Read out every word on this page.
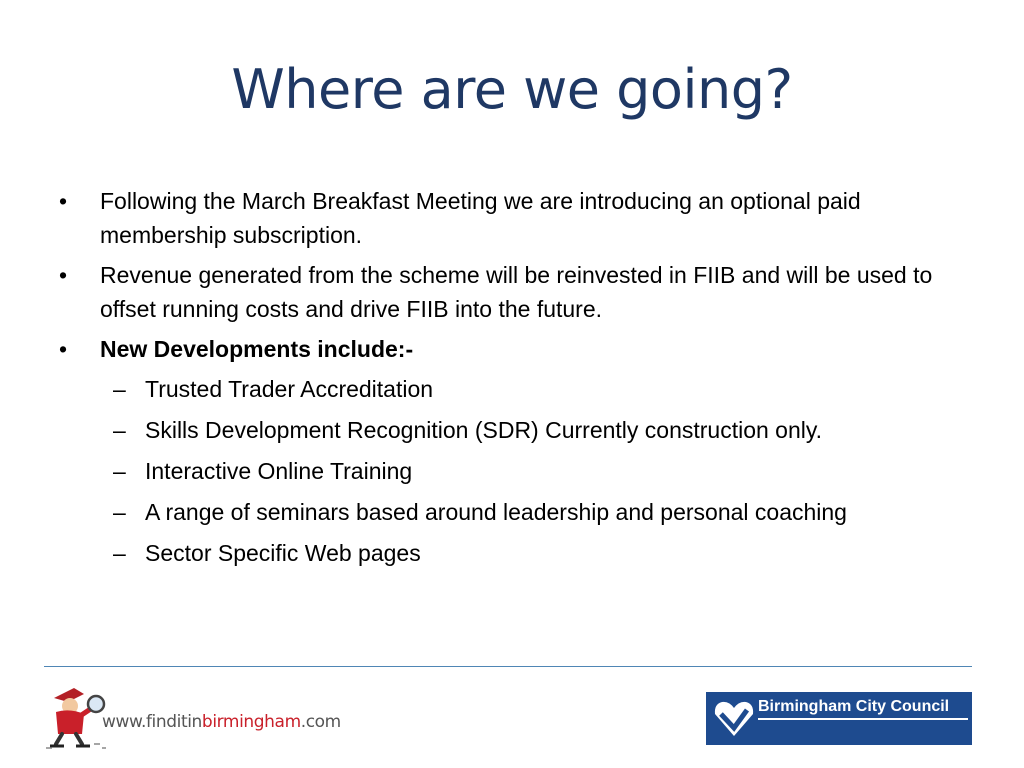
Where are we going?
• Following the March Breakfast Meeting we are introducing an optional paid membership subscription.
• Revenue generated from the scheme will be reinvested in FIIB and will be used to offset running costs and drive FIIB into the future.
• New Developments include:-
– Trusted Trader Accreditation
– Skills Development Recognition (SDR) Currently construction only.
– Interactive Online Training
– A range of seminars based around leadership and personal coaching
– Sector Specific Web pages
www.finditinbirmingham.com
Birmingham City Council
